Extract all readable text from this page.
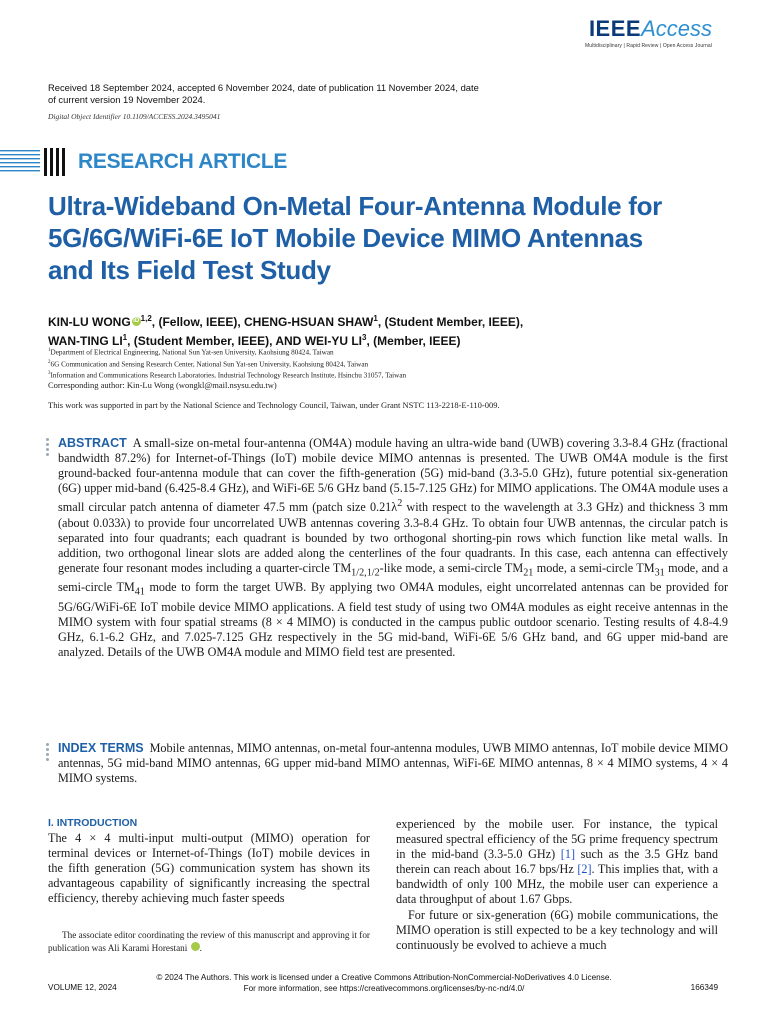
IEEEAccess
Multidisciplinary | Rapid Review | Open Access Journal
Received 18 September 2024, accepted 6 November 2024, date of publication 11 November 2024, date of current version 19 November 2024.
Digital Object Identifier 10.1109/ACCESS.2024.3495041
RESEARCH ARTICLE
Ultra-Wideband On-Metal Four-Antenna Module for 5G/6G/WiFi-6E IoT Mobile Device MIMO Antennas and Its Field Test Study
KIN-LU WONG iD $^{1,2}$, (Fellow, IEEE), CHENG-HSUAN SHAW$^1$, (Student Member, IEEE),
WAN-TING $LI^1$, (Student Member, IEEE), AND WEI-YU $LI^3$, (Member, IEEE)
$^1$Department of Electrical Engineering, National Sun Yat-sen University, Kaohsiung 80424, Taiwan
$^2$6G Communication and Sensing Research Center, National Sun Yat-sen University, Kaohsiung 80424, Taiwan
$^3$Information and Communications Research Laboratories, Industrial Technology Research Institute, Hsinchu 31057, Taiwan
Corresponding author: Kin-Lu Wong (wongkl@mail.nsysu.edu.tw)
This work was supported in part by the National Science and Technology Council, Taiwan, under Grant NSTC 113-2218-E-110-009.
ABSTRACT A small-size on-metal four-antenna (OM4A) module having an ultra-wide band (UWB) covering 3.3-8.4 GHz (fractional bandwidth 87.2%) for Internet-of-Things (IoT) mobile device MIMO antennas is presented. The UWB OM4A module is the first ground-backed four-antenna module that can cover the fifth-generation (5G) mid-band (3.3-5.0 GHz), future potential six-generation (6G) upper mid-band (6.425-8.4 GHz), and WiFi-6E 5/6 GHz band (5.15-7.125 GHz) for MIMO applications. The OM4A module uses a small circular patch antenna of diameter 47.5 mm (patch size $0.21\lambda^2$ with respect to the wavelength at 3.3 GHz) and thickness 3 mm (about 0.033λ) to provide four uncorrelated UWB antennas covering 3.3-8.4 GHz. To obtain four UWB antennas, the circular patch is separated into four quadrants; each quadrant is bounded by two orthogonal shorting-pin rows which function like metal walls. In addition, two orthogonal linear slots are added along the centerlines of the four quadrants. In this case, each antenna can effectively generate four resonant modes including a quarter-circle $TM_{1/2,1/2}$-like mode, a semi-circle $TM_{21}$ mode, a semi-circle $TM_{31}$ mode, and a semi-circle $TM_{41}$ mode to form the target UWB. By applying two OM4A modules, eight uncorrelated antennas can be provided for 5G/6G/WiFi-6E IoT mobile device MIMO applications. A field test study of using two OM4A modules as eight receive antennas in the MIMO system with four spatial streams (8 × 4 MIMO) is conducted in the campus public outdoor scenario. Testing results of 4.8-4.9 GHz, 6.1-6.2 GHz, and 7.025-7.125 GHz respectively in the 5G mid-band, WiFi-6E 5/6 GHz band, and 6G upper mid-band are analyzed. Details of the UWB OM4A module and MIMO field test are presented.
INDEX TERMS Mobile antennas, MIMO antennas, on-metal four-antenna modules, UWB MIMO antennas, IoT mobile device MIMO antennas, 5G mid-band MIMO antennas, 6G upper mid-band MIMO antennas, WiFi-6E MIMO antennas, 8 × 4 MIMO systems, 4 × 4 MIMO systems.
I. INTRODUCTION

The 4 × 4 multi-input multi-output (MIMO) operation for terminal devices or Internet-of-Things (IoT) mobile devices in the fifth generation (5G) communication system has shown its advantageous capability of significantly increasing the spectral efficiency, thereby achieving much faster speeds

experienced by the mobile user. For instance, the typical measured spectral efficiency of the 5G prime frequency spectrum in the mid-band (3.3-5.0 GHz) [1] such as the 3.5 GHz band therein can reach about 16.7 bps/Hz [2]. This implies that, with a bandwidth of only 100 MHz, the mobile user can experience a data throughput of about 1.67 Gbps.

For future or six-generation (6G) mobile communications, the MIMO operation is still expected to be a key technology and will continuously be evolved to achieve a much

The associate editor coordinating the review of this manuscript and approving it for publication was Ali Karami Horestani	iD.

© 2024 The Authors. This work is licensed under a Creative Commons Attribution-NonCommercial-NoDerivatives 4.0 License.
For more information, see https://creativecommons.org/licenses/by-nc-nd/4.0/
VOLUME 12, 2024	166349
